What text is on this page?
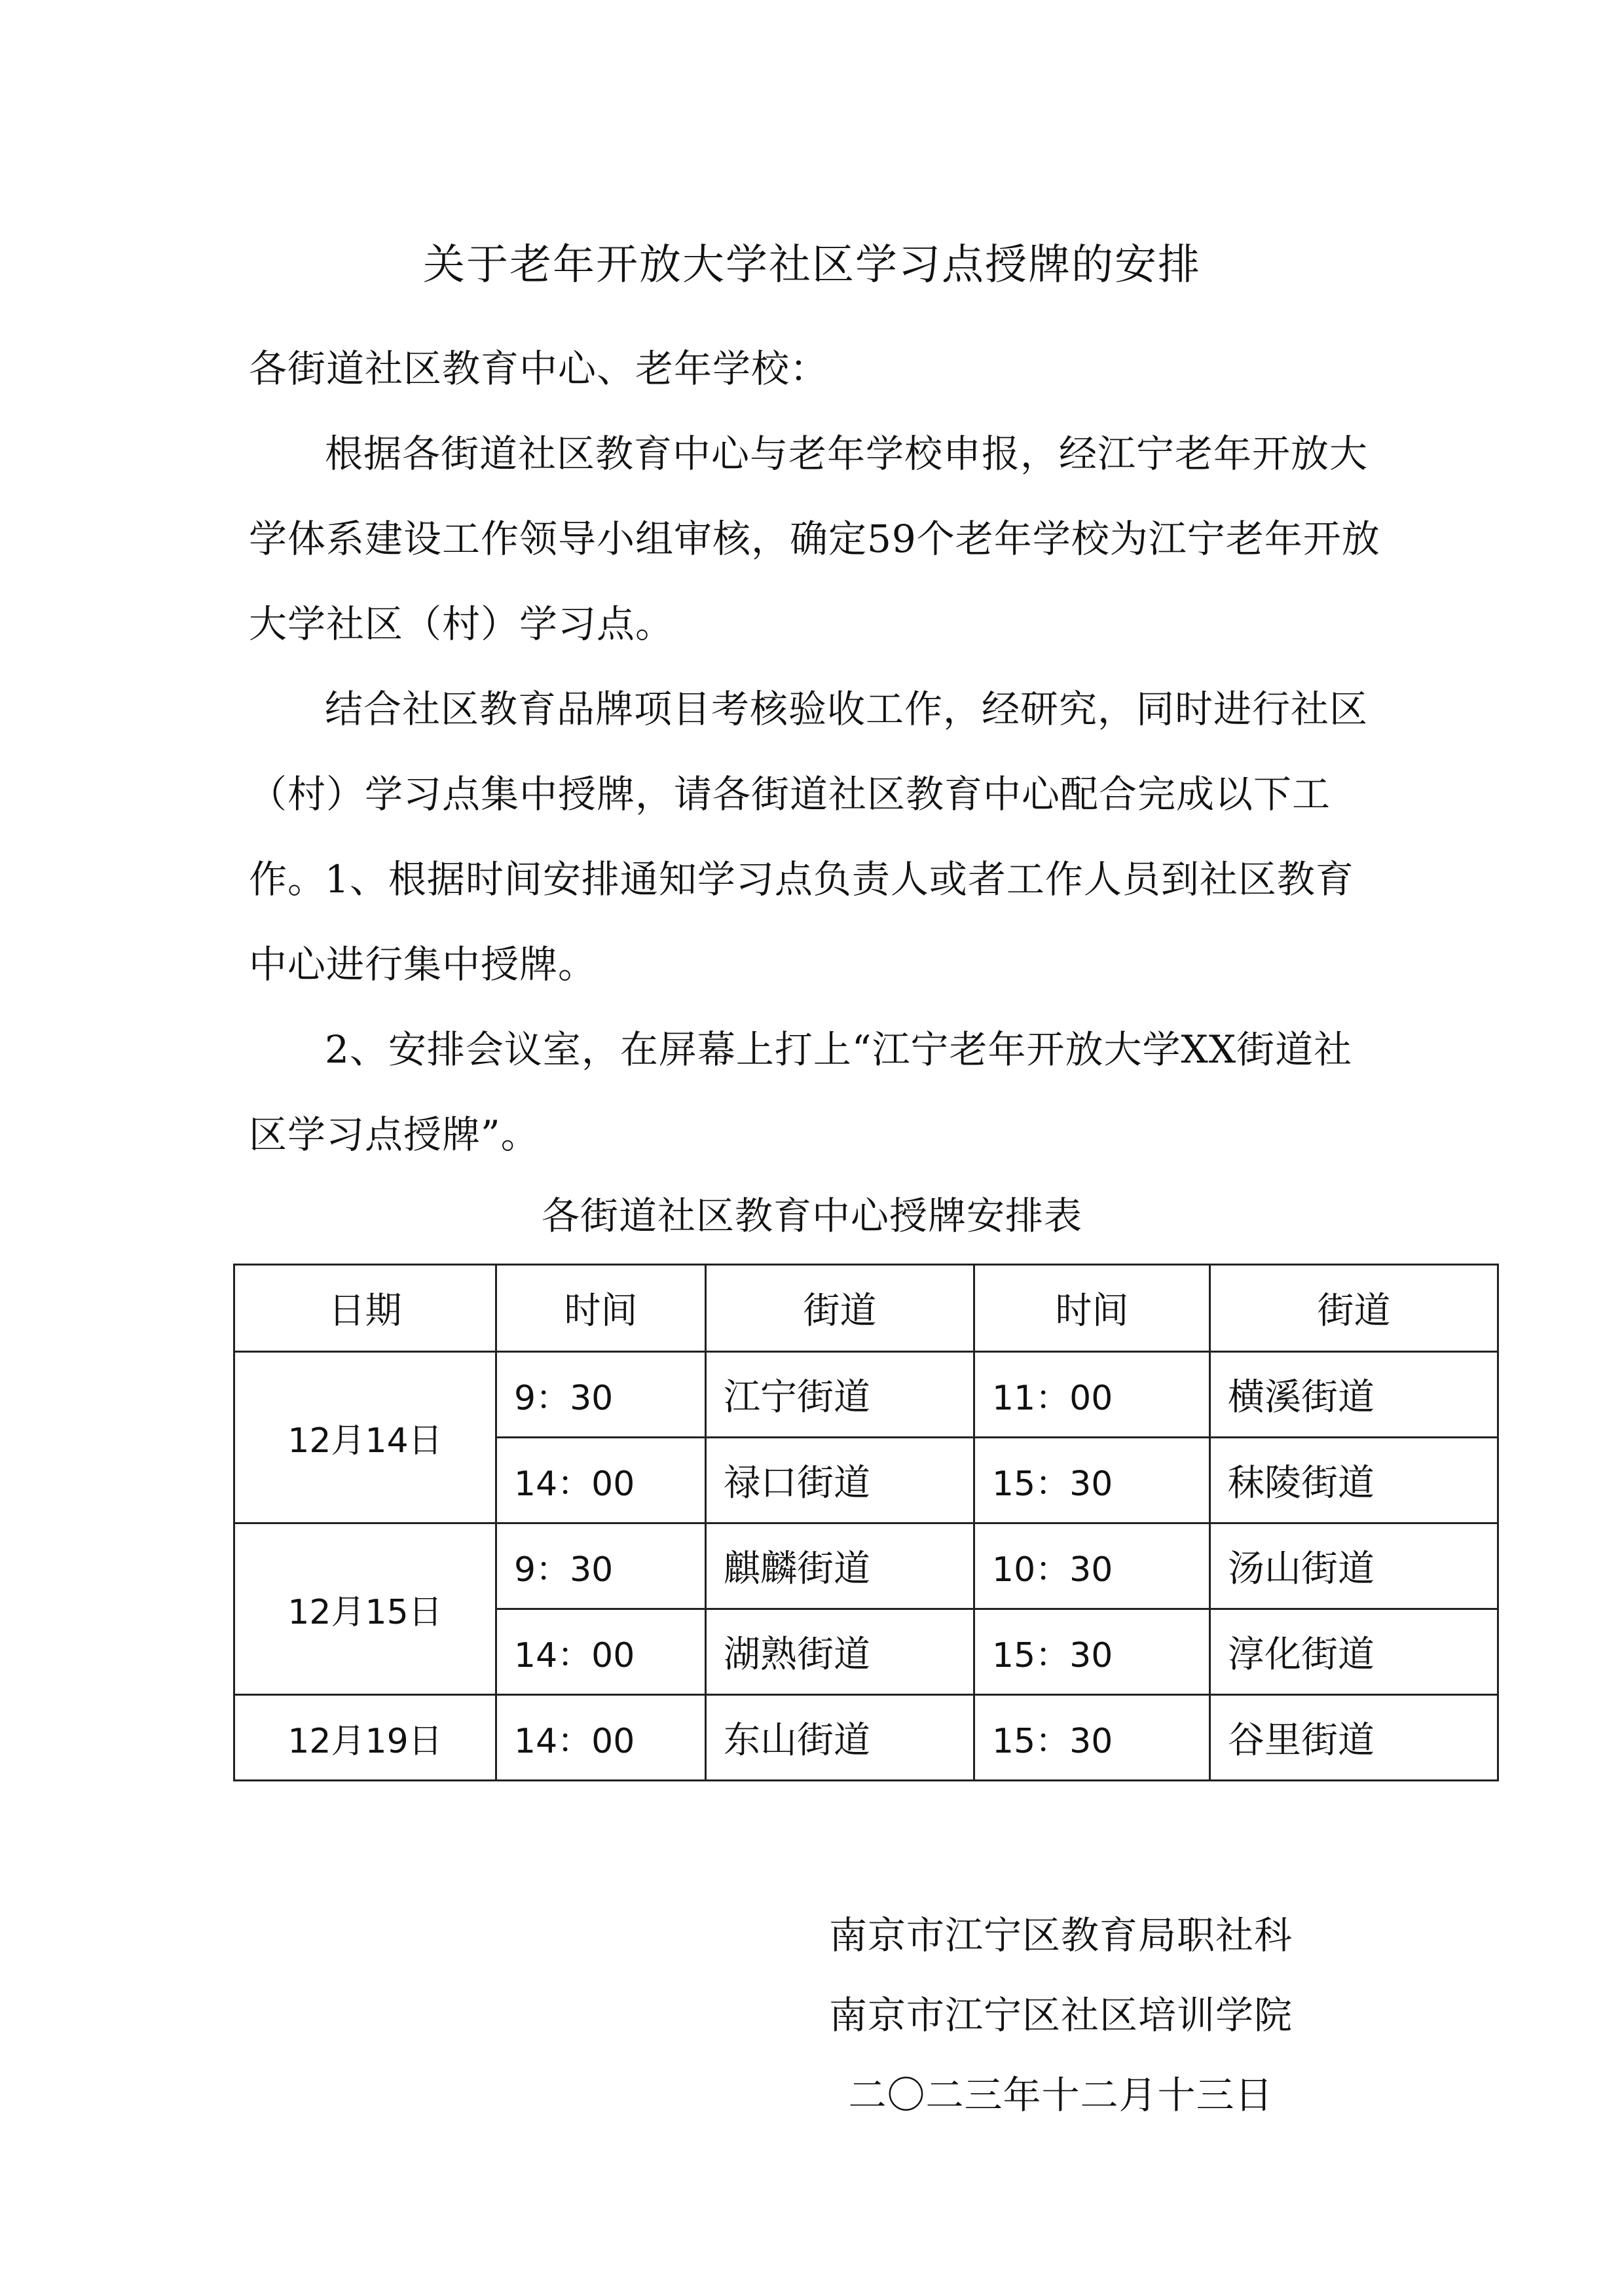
关于老年开放大学社区学习点授牌的安排

各街道社区教育中心、老年学校：

根据各街道社区教育中心与老年学校申报，经江宁老年开放大学体系建设工作领导小组审核，确定59个老年学校为江宁老年开放大学社区（村）学习点。

结合社区教育品牌项目考核验收工作，经研究，同时进行社区（村）学习点集中授牌，请各街道社区教育中心配合完成以下工作。

1、根据时间安排通知学习点负责人或者工作人员到社区教育中心进行集中授牌。

2、安排会议室，在屏幕上打上“江宁老年开放大学XX街道社区学习点授牌”。

各街道社区教育中心授牌安排表
日期	时间	街道	时间	街道
12月14日	9：30	江宁街道	11：00	横溪街道
	14：00	禄口街道	15：30	秣陵街道
12月15日	9：30	麒麟街道	10：30	汤山街道
	14：00	湖熟街道	15：30	淳化街道
12月19日	14：00	东山街道	15：30	谷里街道

南京市江宁区教育局职社科

南京市江宁区社区培训学院

二〇二三年十二月十三日
